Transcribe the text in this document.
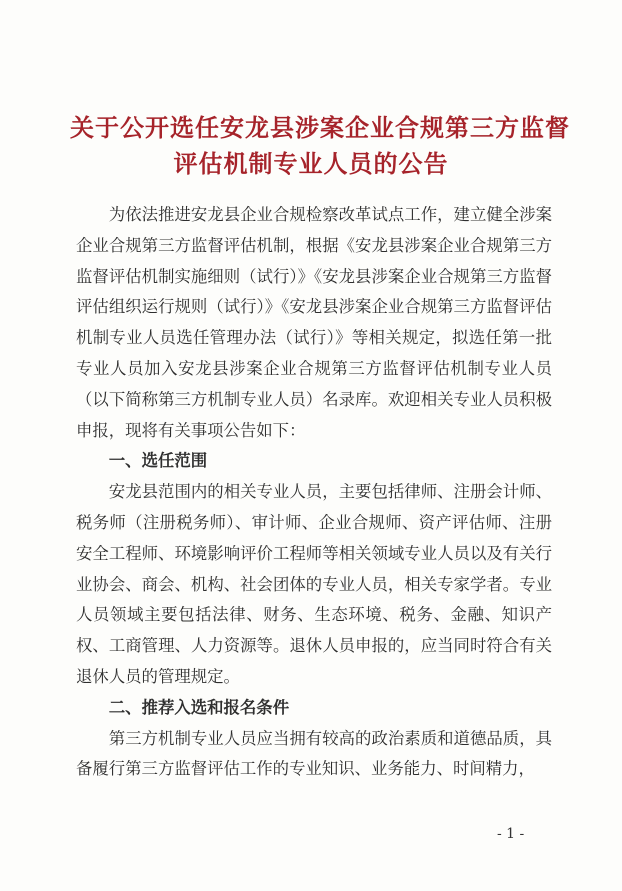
关于公开选任安龙县涉案企业合规第三方监督
评估机制专业人员的公告

为依法推进安龙县企业合规检察改革试点工作，建立健全涉案企业合规第三方监督评估机制，根据《安龙县涉案企业合规第三方监督评估机制实施细则（试行）》《安龙县涉案企业合规第三方监督评估组织运行规则（试行）》《安龙县涉案企业合规第三方监督评估机制专业人员选任管理办法（试行）》等相关规定，拟选任第一批专业人员加入安龙县涉案企业合规第三方监督评估机制专业人员（以下简称第三方机制专业人员）名录库。欢迎相关专业人员积极申报，现将有关事项公告如下：

一、选任范围

安龙县范围内的相关专业人员，主要包括律师、注册会计师、税务师（注册税务师）、审计师、企业合规师、资产评估师、注册安全工程师、环境影响评价工程师等相关领域专业人员以及有关行业协会、商会、机构、社会团体的专业人员，相关专家学者。专业人员领域主要包括法律、财务、生态环境、税务、金融、知识产权、工商管理、人力资源等。退休人员申报的，应当同时符合有关退休人员的管理规定。

二、推荐入选和报名条件

第三方机制专业人员应当拥有较高的政治素质和道德品质，具备履行第三方监督评估工作的专业知识、业务能力、时间精力，

- 1 -
